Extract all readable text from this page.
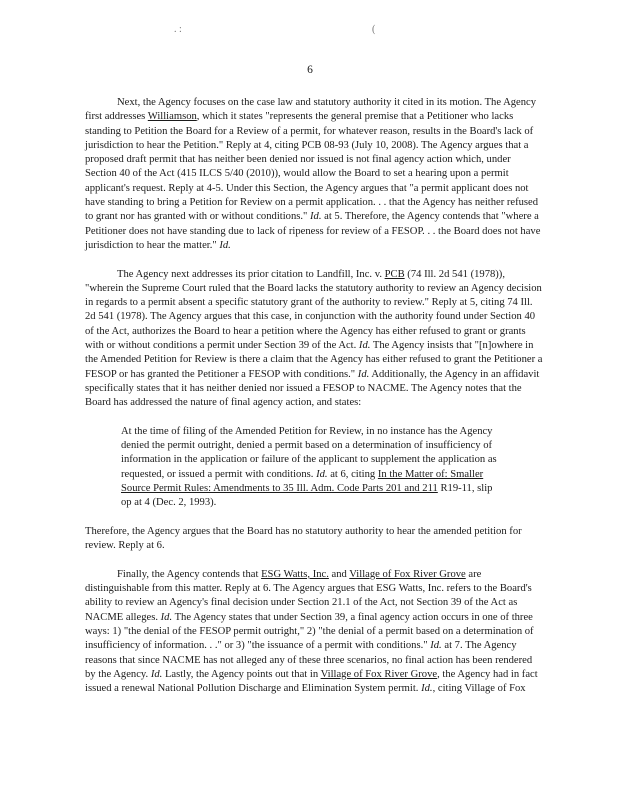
. :	(
6

Next, the Agency focuses on the case law and statutory authority it cited in its motion. The Agency first addresses Williamson, which it states "represents the general premise that a Petitioner who lacks standing to Petition the Board for a Review of a permit, for whatever reason, results in the Board's lack of jurisdiction to hear the Petition." Reply at 4, citing PCB 08-93 (July 10, 2008). The Agency argues that a proposed draft permit that has neither been denied nor issued is not final agency action which, under Section 40 of the Act (415 ILCS 5/40 (2010)), would allow the Board to set a hearing upon a permit applicant's request. Reply at 4-5. Under this Section, the Agency argues that "a permit applicant does not have standing to bring a Petition for Review on a permit application. . . that the Agency has neither refused to grant nor has granted with or without conditions." Id. at 5. Therefore, the Agency contends that "where a Petitioner does not have standing due to lack of ripeness for review of a FESOP. . . the Board does not have jurisdiction to hear the matter." Id.

The Agency next addresses its prior citation to Landfill, Inc. v. PCB (74 Ill. 2d 541 (1978)), "wherein the Supreme Court ruled that the Board lacks the statutory authority to review an Agency decision in regards to a permit absent a specific statutory grant of the authority to review." Reply at 5, citing 74 Ill. 2d 541 (1978). The Agency argues that this case, in conjunction with the authority found under Section 40 of the Act, authorizes the Board to hear a petition where the Agency has either refused to grant or grants with or without conditions a permit under Section 39 of the Act. Id. The Agency insists that "[n]owhere in the Amended Petition for Review is there a claim that the Agency has either refused to grant the Petitioner a FESOP or has granted the Petitioner a FESOP with conditions." Id. Additionally, the Agency in an affidavit specifically states that it has neither denied nor issued a FESOP to NACME. The Agency notes that the Board has addressed the nature of final agency action, and states:

At the time of filing of the Amended Petition for Review, in no instance has the Agency denied the permit outright, denied a permit based on a determination of insufficiency of information in the application or failure of the applicant to supplement the application as requested, or issued a permit with conditions. Id. at 6, citing In the Matter of: Smaller Source Permit Rules: Amendments to 35 Ill. Adm. Code Parts 201 and 211 R19-11, slip op at 4 (Dec. 2, 1993).

Therefore, the Agency argues that the Board has no statutory authority to hear the amended petition for review. Reply at 6.

Finally, the Agency contends that ESG Watts, Inc. and Village of Fox River Grove are distinguishable from this matter. Reply at 6. The Agency argues that ESG Watts, Inc. refers to the Board's ability to review an Agency's final decision under Section 21.1 of the Act, not Section 39 of the Act as NACME alleges. Id. The Agency states that under Section 39, a final agency action occurs in one of three ways: 1) "the denial of the FESOP permit outright," 2) "the denial of a permit based on a determination of insufficiency of information. . ." or 3) "the issuance of a permit with conditions." Id. at 7. The Agency reasons that since NACME has not alleged any of these three scenarios, no final action has been rendered by the Agency. Id. Lastly, the Agency points out that in Village of Fox River Grove, the Agency had in fact issued a renewal National Pollution Discharge and Elimination System permit. Id., citing Village of Fox
